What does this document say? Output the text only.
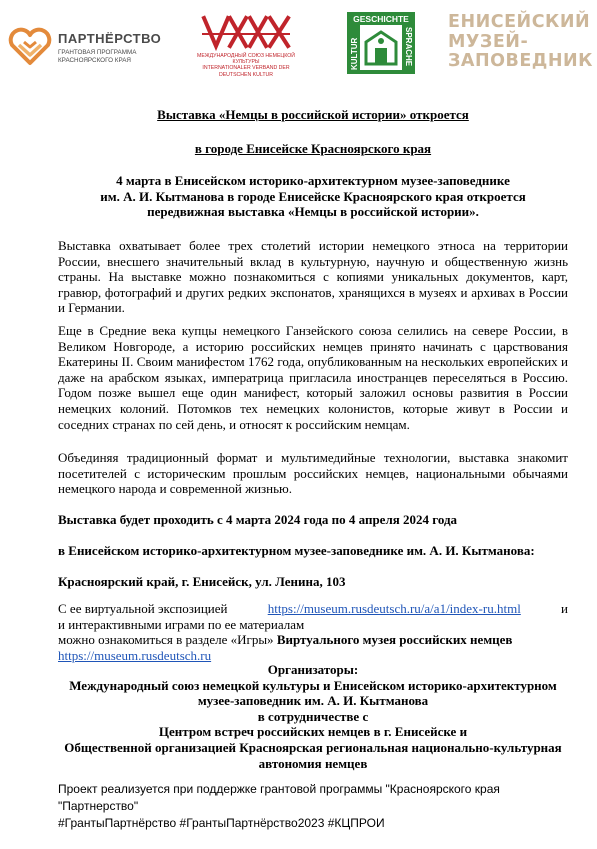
ПАРТНЁРСТВО
ГРАНТОВАЯ ПРОГРАММА КРАСНОЯРСКОГО КРАЯ
МЕЖДУНАРОДНЫЙ СОЮЗ НЕМЕЦКОЙ КУЛЬТУРЫ
INTERNATIONALER VERBAND DER DEUTSCHEN KULTUR
GESCHICHTE
KULTUR	SPRACHE
ЕНИСЕЙСКИЙ
МУЗЕЙ-
ЗАПОВЕДНИК
Выставка «Немцы в российской истории» откроется
в городе Енисейске Красноярского края
4 марта в Енисейском историко-архитектурном музее-заповеднике
им. А. И. Кытманова в городе Енисейске Красноярского края откроется
передвижная выставка «Немцы в российской истории».

Выставка охватывает более трех столетий истории немецкого этноса на территории России, внесшего значительный вклад в культурную, научную и общественную жизнь страны. На выставке можно познакомиться с копиями уникальных документов, карт, гравюр, фотографий и других редких экспонатов, хранящихся в музеях и архивах в России и Германии.

Еще в Средние века купцы немецкого Ганзейского союза селились на севере России, в Великом Новгороде, а историю российских немцев принято начинать с царствования Екатерины II. Своим манифестом 1762 года, опубликованным на нескольких европейских и даже на арабском языках, императрица пригласила иностранцев переселяться в Россию. Годом позже вышел еще один манифест, который заложил основы развития в России немецких колоний. Потомков тех немецких колонистов, которые живут в России и соседних странах по сей день, и относят к российским немцам.

Объединяя традиционный формат и мультимедийные технологии, выставка знакомит посетителей с историческим прошлым российских немцев, национальными обычаями немецкого народа и современной жизнью.

Выставка будет проходить с 4 марта 2024 года по 4 апреля 2024 года
в Енисейском историко-архитектурном музее-заповеднике им. А. И. Кытманова:
Красноярский край, г. Енисейск, ул. Ленина, 103
С ее виртуальной экспозицией	https://museum.rusdeutsch.ru/a/a1/index-ru.html	и
и интерактивными играми по ее материалам
можно ознакомиться в разделе «Игры» Виртуального музея российских немцев
https://museum.rusdeutsch.ru
Организаторы:
Международный союз немецкой культуры и Енисейском историко-архитектурном
музее-заповедник им. А. И. Кытманова
в сотрудничестве с
Центром встреч российских немцев в г. Енисейске и
Общественной организацией Красноярская региональная национально-культурная
автономия немцев
Проект реализуется при поддержке грантовой программы "Красноярского края
"Партнерство"
#ГрантыПартнёрство #ГрантыПартнёрство2023 #КЦПРОИ
